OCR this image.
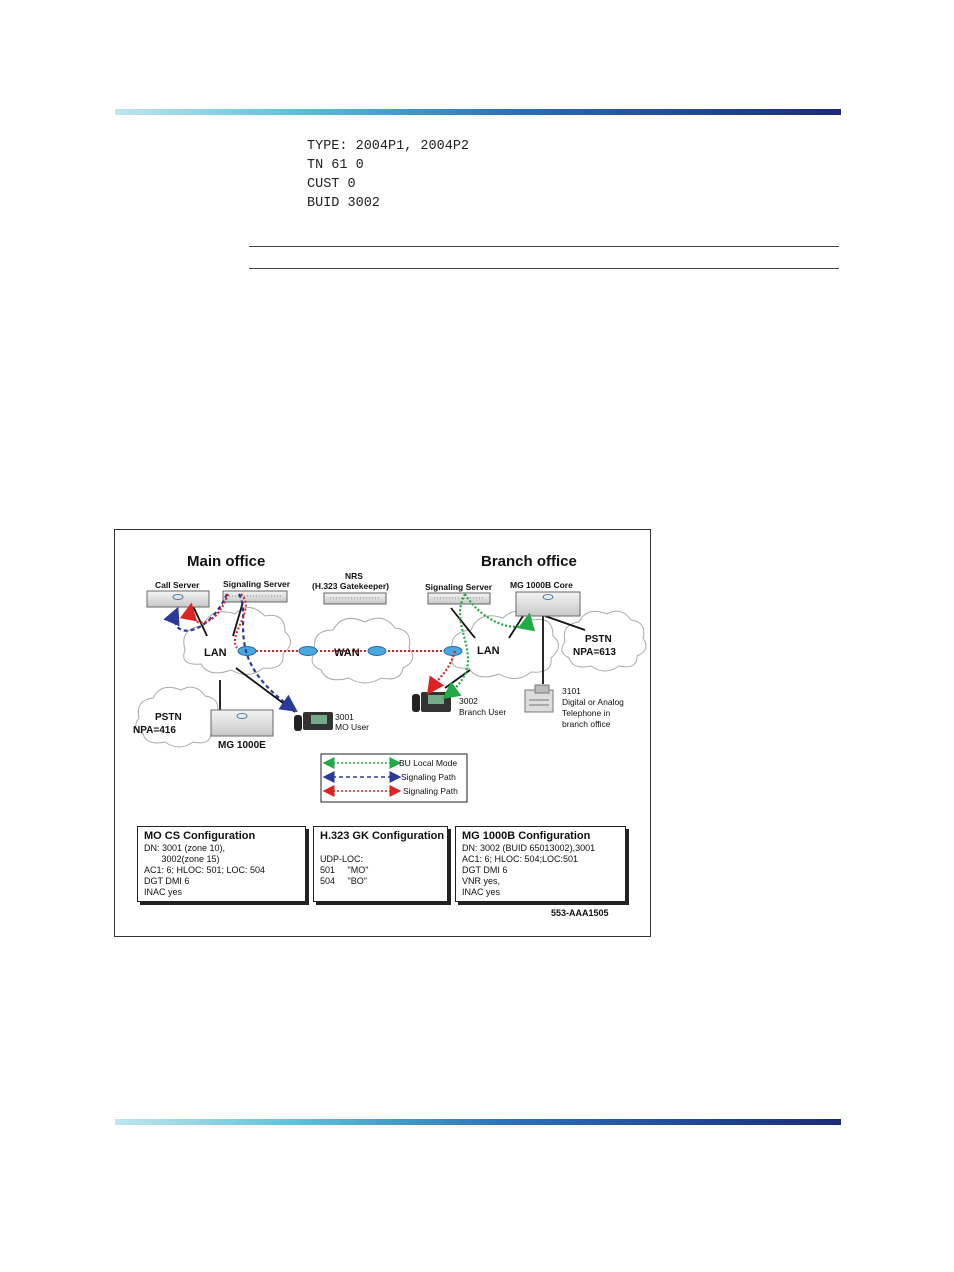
TYPE: 2004P1, 2004P2
TN 61 0
CUST 0
BUID 3002
Main office	Branch office
LAN	WAN	LAN
PSTN
NPA=613
PSTN
NPA=416
Call Server	Signaling Server
MG 1000E
NRS
(H.323 Gatekeeper)	Signaling Server MG 1000B Core
3001
MO User
3002
Branch User
3101
Digital or Analog
Telephone in
branch office
BU Local Mode
Signaling Path
Signaling Path
553-AAA1505
MO CS Configuration
DN: 3001 (zone 10),
3002(zone 15)
AC1: 6; HLOC: 501; LOC: 504
DGT DMI 6
INAC yes
H.323 GK Configuration

UDP-LOC:
501     "MO"
504     "BO"
MG 1000B Configuration
DN: 3002 (BUID 65013002),3001
AC1: 6; HLOC: 504;LOC:501
DGT DMI 6
VNR yes,
INAC yes
